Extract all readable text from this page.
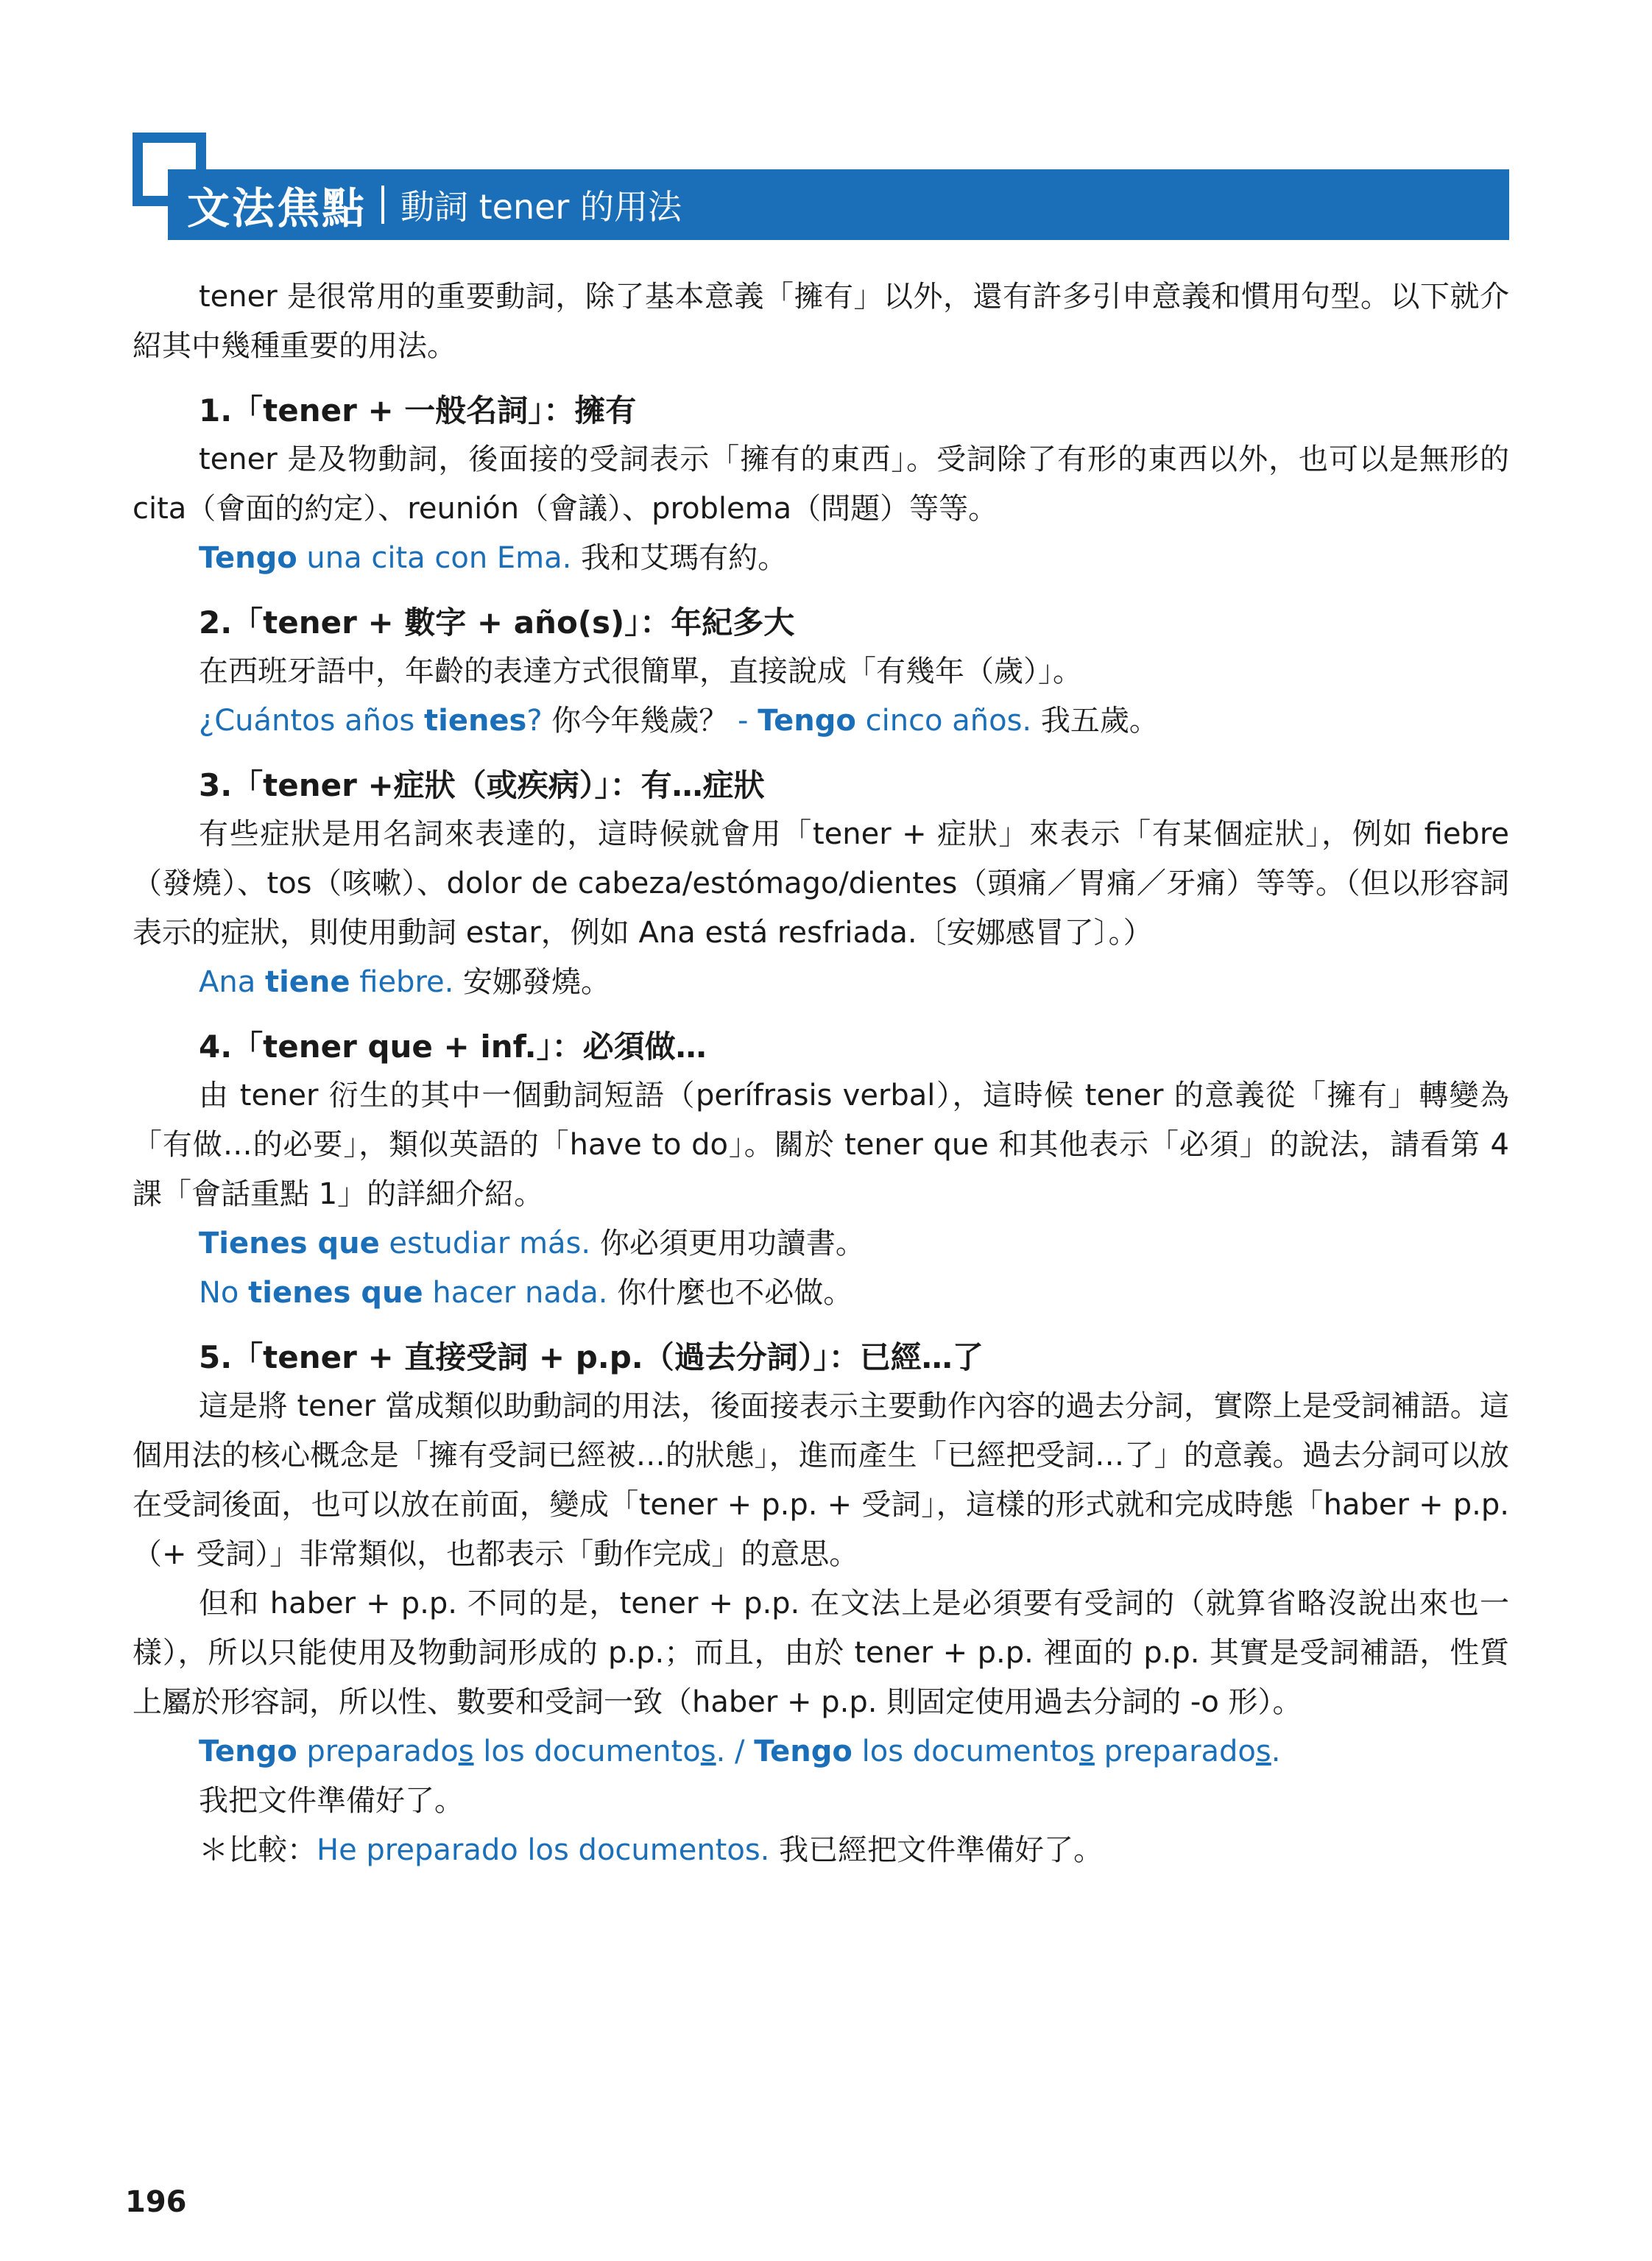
文法焦點 動詞 tener 的用法

tener 是很常用的重要動詞，除了基本意義「擁有」以外，還有許多引申意義和慣用句型。以下就介紹其中幾種重要的用法。

1.「tener + 一般名詞」：擁有

tener 是及物動詞，後面接的受詞表示「擁有的東西」。受詞除了有形的東西以外，也可以是無形的 cita（會面的約定）、reunión（會議）、problema（問題）等等。

Tengo una cita con Ema. 我和艾瑪有約。

2.「tener + 數字 + año(s)」：年紀多大

在西班牙語中，年齡的表達方式很簡單，直接說成「有幾年（歲）」。

¿Cuántos años tienes? 你今年幾歲？ - Tengo cinco años. 我五歲。

3.「tener +症狀（或疾病）」：有…症狀

有些症狀是用名詞來表達的，這時候就會用「tener + 症狀」來表示「有某個症狀」，例如 fiebre（發燒）、tos（咳嗽）、dolor de cabeza/estómago/dientes（頭痛／胃痛／牙痛）等等。（但以形容詞表示的症狀，則使用動詞 estar，例如 Ana está resfriada.〔安娜感冒了〕。）

Ana tiene fiebre. 安娜發燒。

4.「tener que + inf.」：必須做…

由 tener 衍生的其中一個動詞短語（perífrasis verbal），這時候 tener 的意義從「擁有」轉變為「有做…的必要」，類似英語的「have to do」。關於 tener que 和其他表示「必須」的說法，請看第 4 課「會話重點 1」的詳細介紹。

Tienes que estudiar más. 你必須更用功讀書。

No tienes que hacer nada. 你什麼也不必做。

5.「tener + 直接受詞 + p.p.（過去分詞）」：已經…了

這是將 tener 當成類似助動詞的用法，後面接表示主要動作內容的過去分詞，實際上是受詞補語。這個用法的核心概念是「擁有受詞已經被…的狀態」，進而產生「已經把受詞…了」的意義。過去分詞可以放在受詞後面，也可以放在前面，變成「tener + p.p. + 受詞」，這樣的形式就和完成時態「haber + p.p.（+ 受詞）」非常類似，也都表示「動作完成」的意思。

但和 haber + p.p. 不同的是，tener + p.p. 在文法上是必須要有受詞的（就算省略沒說出來也一樣），所以只能使用及物動詞形成的 p.p.；而且，由於 tener + p.p. 裡面的 p.p. 其實是受詞補語，性質上屬於形容詞，所以性、數要和受詞一致（haber + p.p. 則固定使用過去分詞的 -o 形）。

Tengo preparados los documentos. / Tengo los documentos preparados.

我把文件準備好了。

＊比較：He preparado los documentos. 我已經把文件準備好了。

196
